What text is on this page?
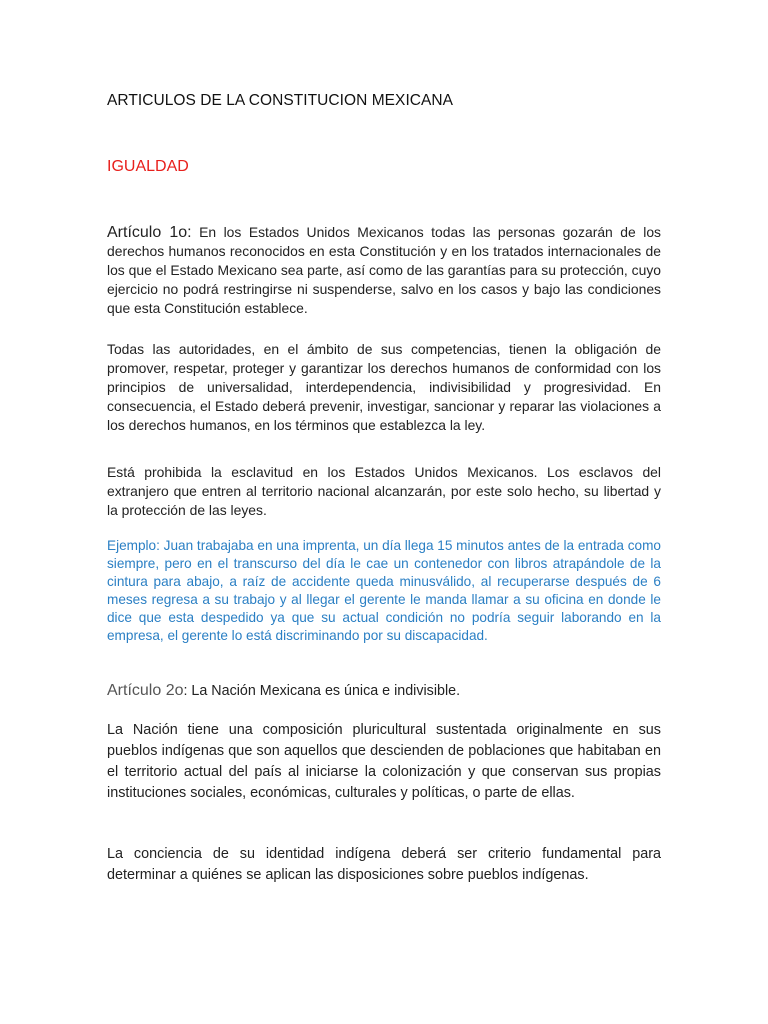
ARTICULOS DE LA CONSTITUCION MEXICANA
IGUALDAD

Artículo 1o: En los Estados Unidos Mexicanos todas las personas gozarán de los derechos humanos reconocidos en esta Constitución y en los tratados internacionales de los que el Estado Mexicano sea parte, así como de las garantías para su protección, cuyo ejercicio no podrá restringirse ni suspenderse, salvo en los casos y bajo las condiciones que esta Constitución establece.

Todas las autoridades, en el ámbito de sus competencias, tienen la obligación de promover, respetar, proteger y garantizar los derechos humanos de conformidad con los principios de universalidad, interdependencia, indivisibilidad y progresividad. En consecuencia, el Estado deberá prevenir, investigar, sancionar y reparar las violaciones a los derechos humanos, en los términos que establezca la ley.

Está prohibida la esclavitud en los Estados Unidos Mexicanos. Los esclavos del extranjero que entren al territorio nacional alcanzarán, por este solo hecho, su libertad y la protección de las leyes.

Ejemplo: Juan trabajaba en una imprenta, un día llega 15 minutos antes de la entrada como siempre, pero en el transcurso del día le cae un contenedor con libros atrapándole de la cintura para abajo, a raíz de accidente queda minusválido, al recuperarse después de 6 meses regresa a su trabajo y al llegar el gerente le manda llamar a su oficina en donde le dice que esta despedido ya que su actual condición no podría seguir laborando en la empresa, el gerente lo está discriminando por su discapacidad.

Artículo 2o: La Nación Mexicana es única e indivisible.

La Nación tiene una composición pluricultural sustentada originalmente en sus pueblos indígenas que son aquellos que descienden de poblaciones que habitaban en el territorio actual del país al iniciarse la colonización y que conservan sus propias instituciones sociales, económicas, culturales y políticas, o parte de ellas.

La conciencia de su identidad indígena deberá ser criterio fundamental para determinar a quiénes se aplican las disposiciones sobre pueblos indígenas.
